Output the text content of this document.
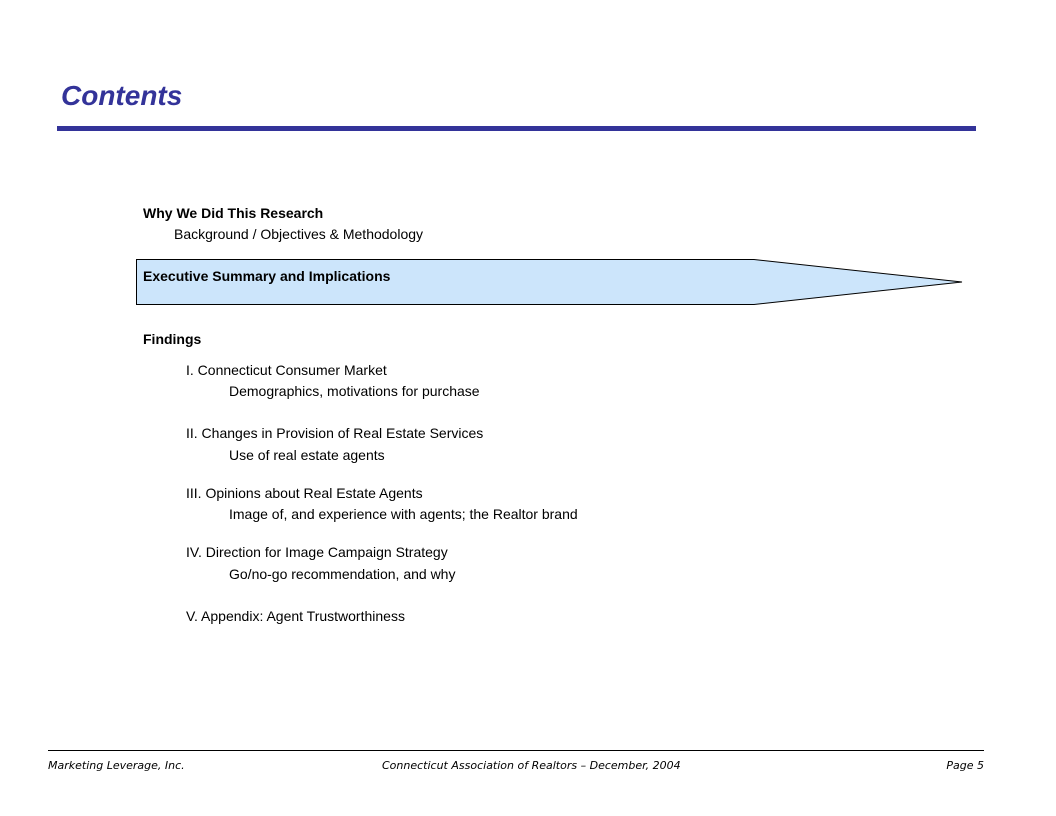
Contents
Why We Did This Research
Background / Objectives & Methodology
Executive Summary and Implications
Findings
I. Connecticut Consumer Market
Demographics, motivations for purchase
II. Changes in Provision of Real Estate Services
Use of real estate agents
III. Opinions about Real Estate Agents
Image of, and experience with agents; the Realtor brand
IV. Direction for Image Campaign Strategy
Go/no-go recommendation, and why
V. Appendix: Agent Trustworthiness
Marketing Leverage, Inc.	Connecticut Association of Realtors – December, 2004	Page 5
